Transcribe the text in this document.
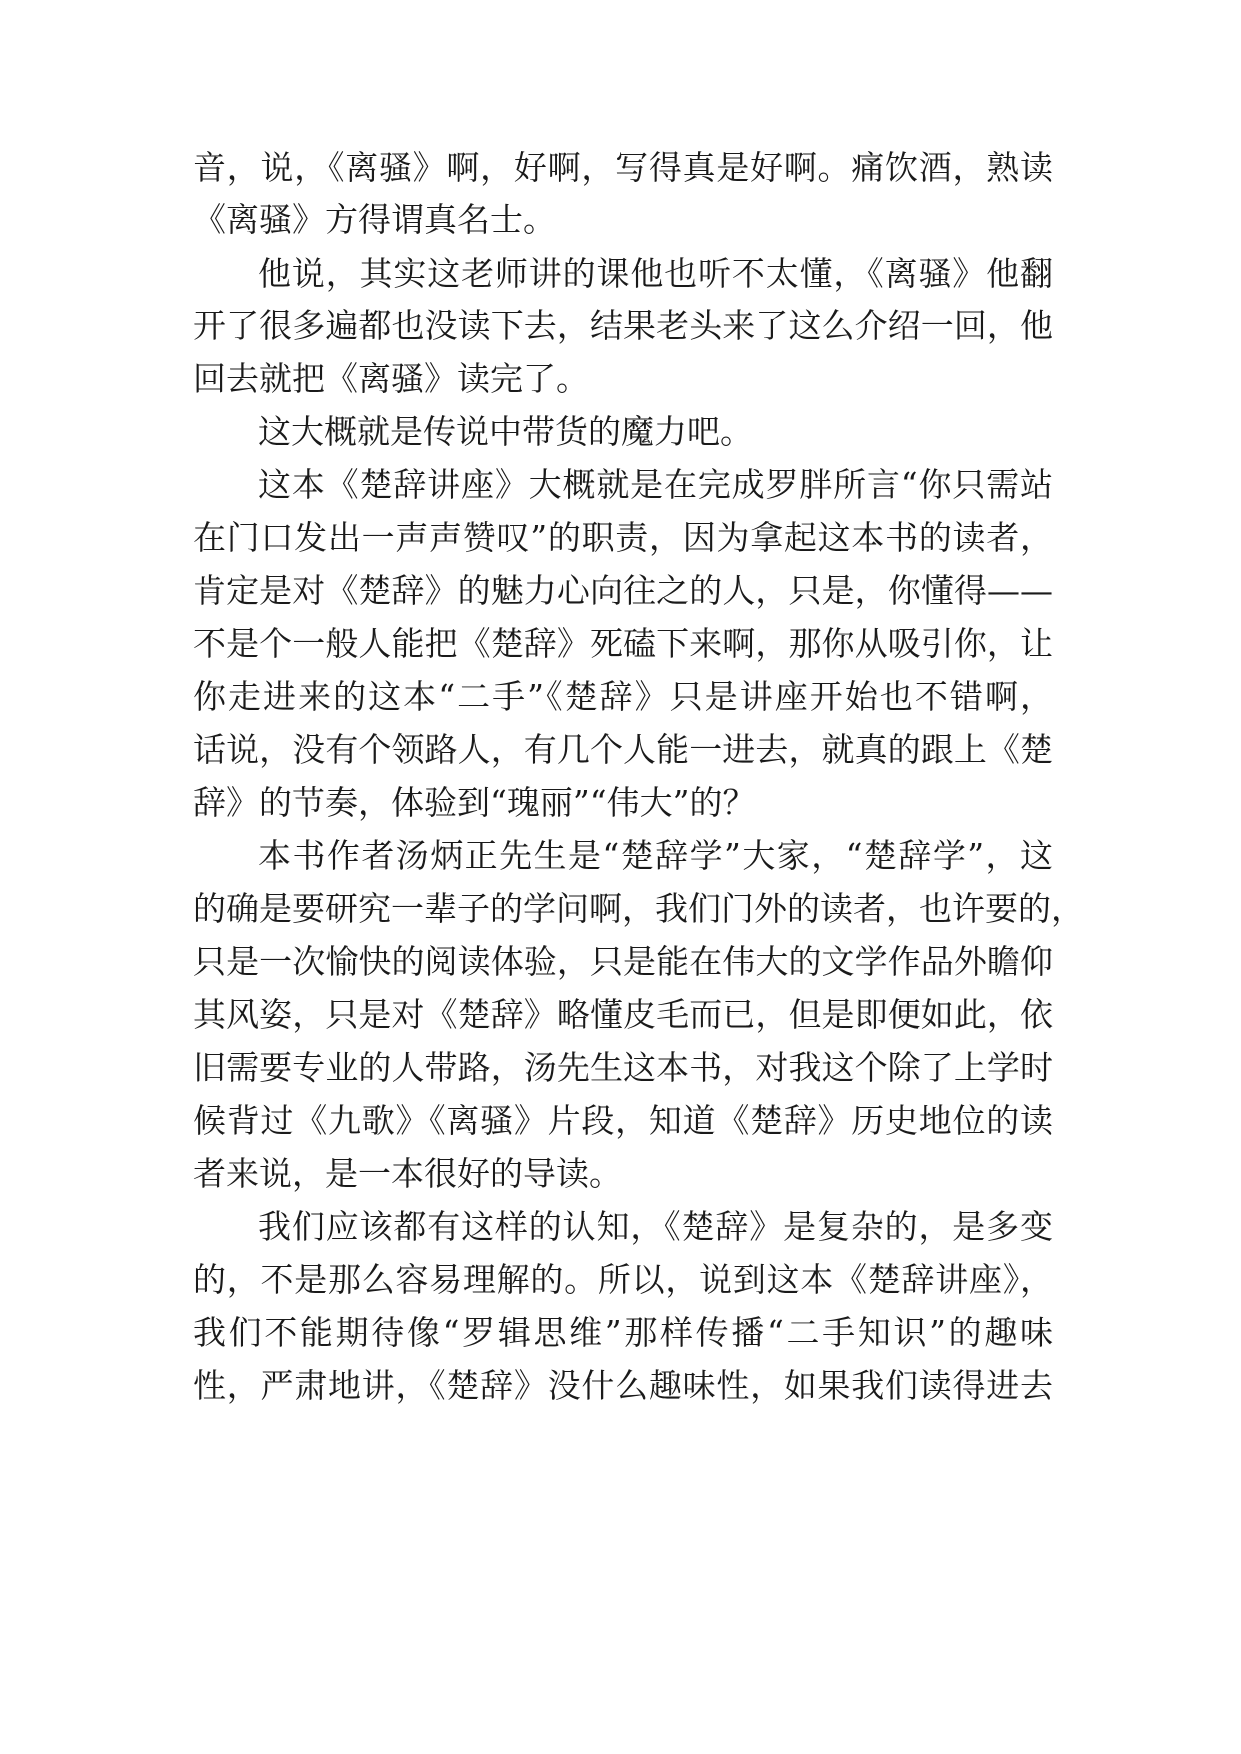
音，说，《离骚》啊，好啊，写得真是好啊。痛饮酒，熟读
《离骚》方得谓真名士。
他说，其实这老师讲的课他也听不太懂，《离骚》他翻
开了很多遍都也没读下去，结果老头来了这么介绍一回，他
回去就把《离骚》读完了。
这大概就是传说中带货的魔力吧。
这本《楚辞讲座》大概就是在完成罗胖所言“你只需站
在门口发出一声声赞叹”的职责，因为拿起这本书的读者，
肯定是对《楚辞》的魅力心向往之的人，只是，你懂得——
不是个一般人能把《楚辞》死磕下来啊，那你从吸引你，让
你走进来的这本“二手”《楚辞》只是讲座开始也不错啊，
话说，没有个领路人，有几个人能一进去，就真的跟上《楚
辞》的节奏，体验到“瑰丽”“伟大”的？
本书作者汤炳正先生是“楚辞学”大家，“楚辞学”，这
的确是要研究一辈子的学问啊，我们门外的读者，也许要的，
只是一次愉快的阅读体验，只是能在伟大的文学作品外瞻仰
其风姿，只是对《楚辞》略懂皮毛而已，但是即便如此，依
旧需要专业的人带路，汤先生这本书，对我这个除了上学时
候背过《九歌》《离骚》片段，知道《楚辞》历史地位的读
者来说，是一本很好的导读。
我们应该都有这样的认知，《楚辞》是复杂的，是多变
的，不是那么容易理解的。所以，说到这本《楚辞讲座》，
我们不能期待像“罗辑思维”那样传播“二手知识”的趣味
性，严肃地讲，《楚辞》没什么趣味性，如果我们读得进去
